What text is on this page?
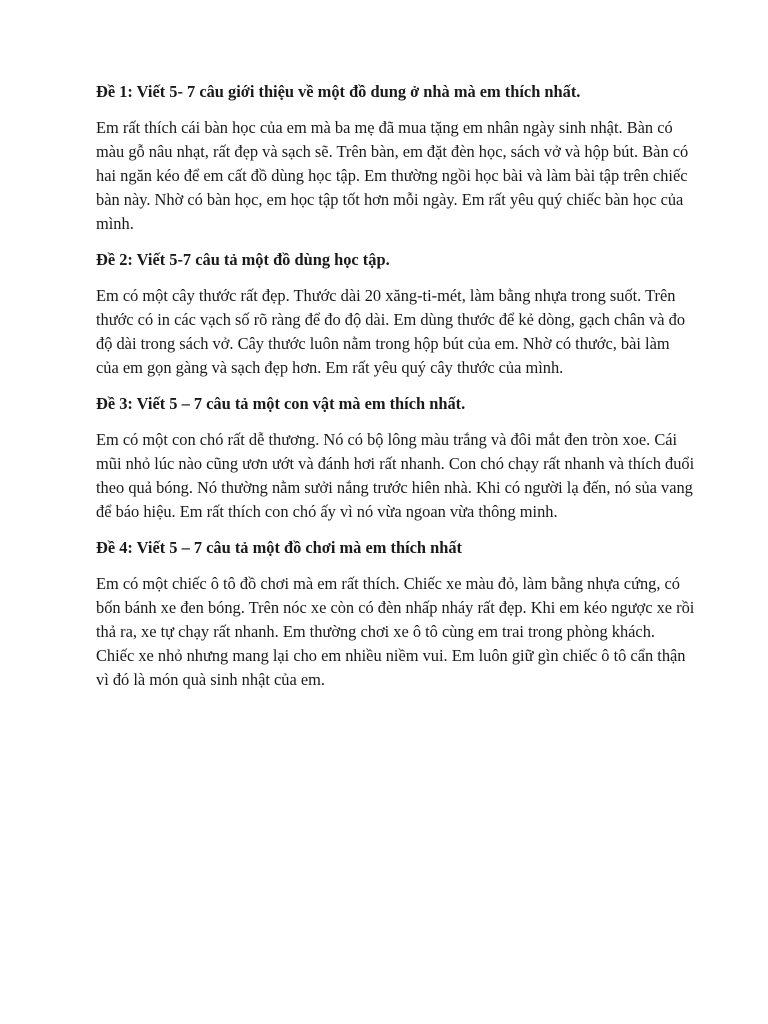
Đề 1: Viết 5- 7 câu giới thiệu về một đồ dung ở nhà mà em thích nhất.

Em rất thích cái bàn học của em mà ba mẹ đã mua tặng em nhân ngày sinh nhật. Bàn có màu gỗ nâu nhạt, rất đẹp và sạch sẽ. Trên bàn, em đặt đèn học, sách vở và hộp bút. Bàn có hai ngăn kéo để em cất đồ dùng học tập. Em thường ngồi học bài và làm bài tập trên chiếc bàn này. Nhờ có bàn học, em học tập tốt hơn mỗi ngày. Em rất yêu quý chiếc bàn học của mình.

Đề 2: Viết 5-7 câu tả một đồ dùng học tập.

Em có một cây thước rất đẹp. Thước dài 20 xăng-ti-mét, làm bằng nhựa trong suốt. Trên thước có in các vạch số rõ ràng để đo độ dài. Em dùng thước để kẻ dòng, gạch chân và đo độ dài trong sách vở. Cây thước luôn nằm trong hộp bút của em. Nhờ có thước, bài làm của em gọn gàng và sạch đẹp hơn. Em rất yêu quý cây thước của mình.

Đề 3: Viết 5 – 7 câu tả một con vật mà em thích nhất.

Em có một con chó rất dễ thương. Nó có bộ lông màu trắng và đôi mắt đen tròn xoe. Cái mũi nhỏ lúc nào cũng ươn ướt và đánh hơi rất nhanh. Con chó chạy rất nhanh và thích đuổi theo quả bóng. Nó thường nằm sưởi nắng trước hiên nhà. Khi có người lạ đến, nó sủa vang để báo hiệu. Em rất thích con chó ấy vì nó vừa ngoan vừa thông minh.

Đề 4: Viết 5 – 7 câu tả một đồ chơi mà em thích nhất

Em có một chiếc ô tô đồ chơi mà em rất thích. Chiếc xe màu đỏ, làm bằng nhựa cứng, có bốn bánh xe đen bóng. Trên nóc xe còn có đèn nhấp nháy rất đẹp. Khi em kéo ngược xe rồi thả ra, xe tự chạy rất nhanh. Em thường chơi xe ô tô cùng em trai trong phòng khách. Chiếc xe nhỏ nhưng mang lại cho em nhiều niềm vui. Em luôn giữ gìn chiếc ô tô cẩn thận vì đó là món quà sinh nhật của em.
